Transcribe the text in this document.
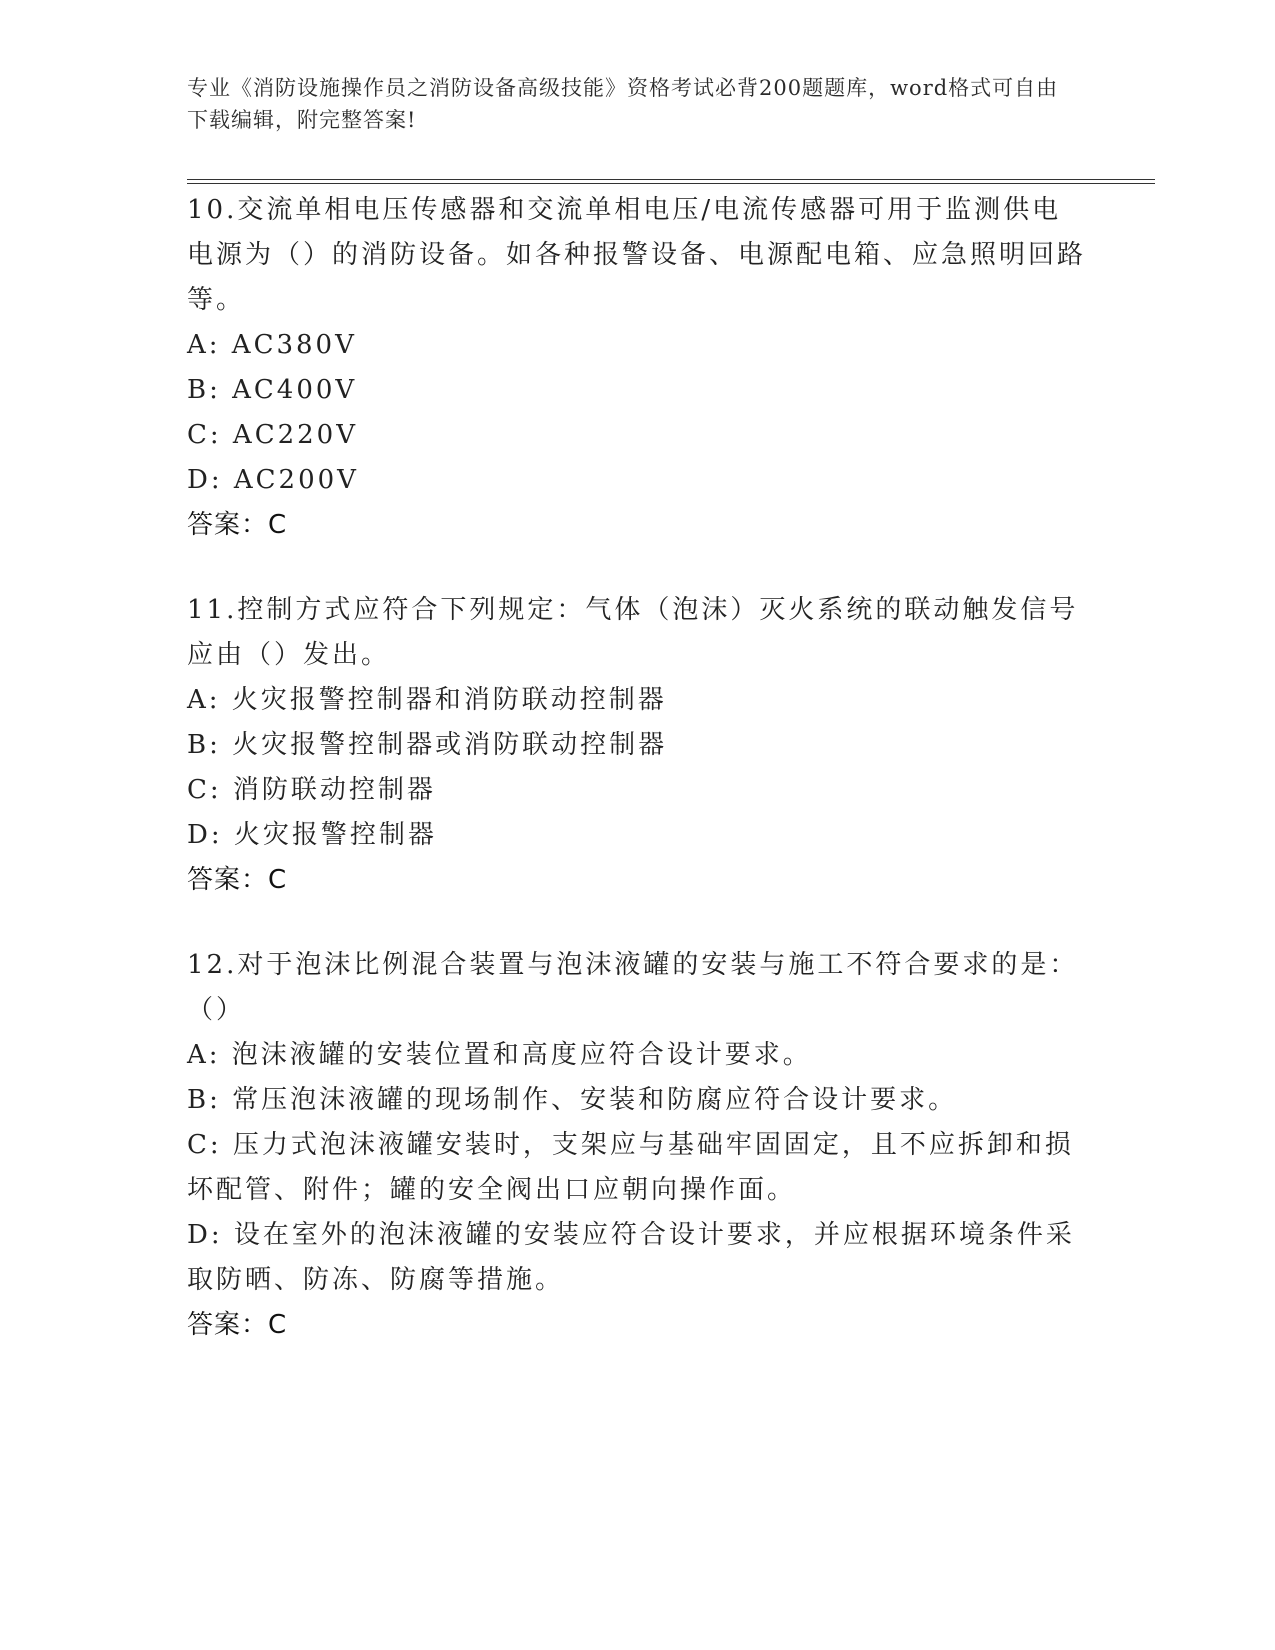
专业《消防设施操作员之消防设备高级技能》资格考试必背200题题库，word格式可自由下载编辑，附完整答案!

10.交流单相电压传感器和交流单相电压/电流传感器可用于监测供电电源为（）的消防设备。如各种报警设备、电源配电箱、应急照明回路等。

A: AC380V

B: AC400V

C: AC220V

D: AC200V

答案：C

11.控制方式应符合下列规定：气体（泡沫）灭火系统的联动触发信号应由（）发出。

A: 火灾报警控制器和消防联动控制器

B: 火灾报警控制器或消防联动控制器

C: 消防联动控制器

D: 火灾报警控制器

答案：C

12.对于泡沫比例混合装置与泡沫液罐的安装与施工不符合要求的是：（）

A: 泡沫液罐的安装位置和高度应符合设计要求。

B: 常压泡沫液罐的现场制作、安装和防腐应符合设计要求。

C: 压力式泡沫液罐安装时，支架应与基础牢固固定，且不应拆卸和损坏配管、附件；罐的安全阀出口应朝向操作面。

D: 设在室外的泡沫液罐的安装应符合设计要求，并应根据环境条件采取防晒、防冻、防腐等措施。

答案：C
